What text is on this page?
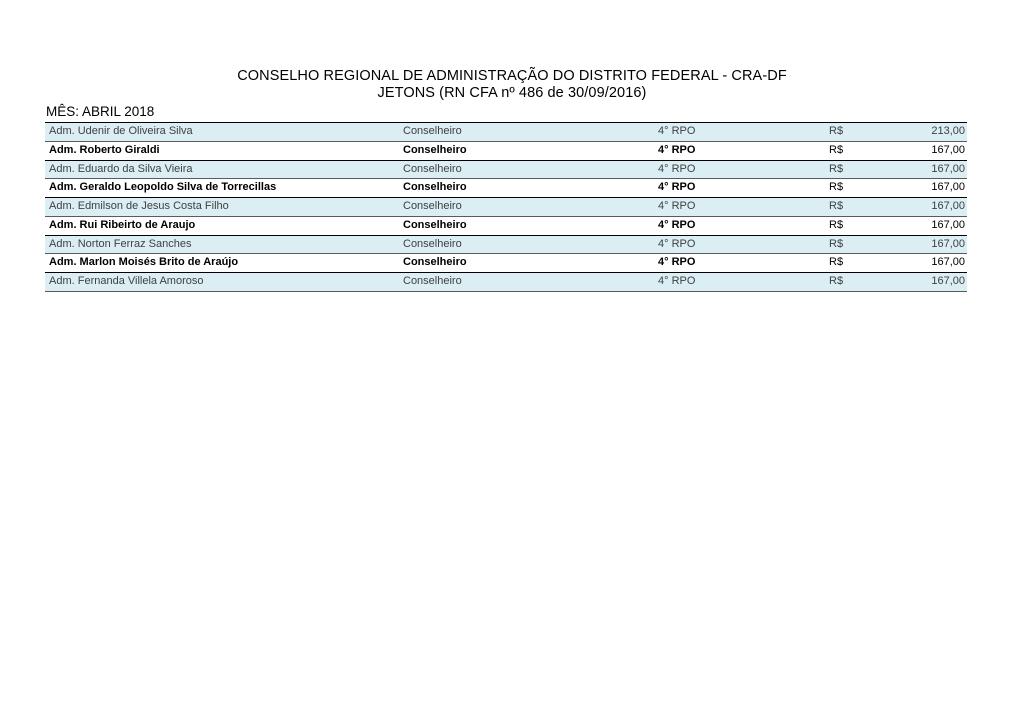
CONSELHO REGIONAL DE ADMINISTRAÇÃO DO DISTRITO FEDERAL - CRA-DF
JETONS (RN CFA nº 486 de 30/09/2016)
MÊS: ABRIL 2018
Adm. Udenir de Oliveira Silva	Conselheiro	4° RPO	R$	213,00
Adm. Roberto Giraldi	Conselheiro	4° RPO	R$	167,00
Adm. Eduardo da Silva Vieira	Conselheiro	4° RPO	R$	167,00
Adm. Geraldo Leopoldo Silva de Torrecillas	Conselheiro	4° RPO	R$	167,00
Adm. Edmilson de Jesus Costa Filho	Conselheiro	4° RPO	R$	167,00
Adm. Rui Ribeirto de Araujo	Conselheiro	4° RPO	R$	167,00
Adm. Norton Ferraz Sanches	Conselheiro	4° RPO	R$	167,00
Adm. Marlon Moisés Brito de Araújo	Conselheiro	4° RPO	R$	167,00
Adm. Fernanda Villela Amoroso	Conselheiro	4° RPO	R$	167,00
